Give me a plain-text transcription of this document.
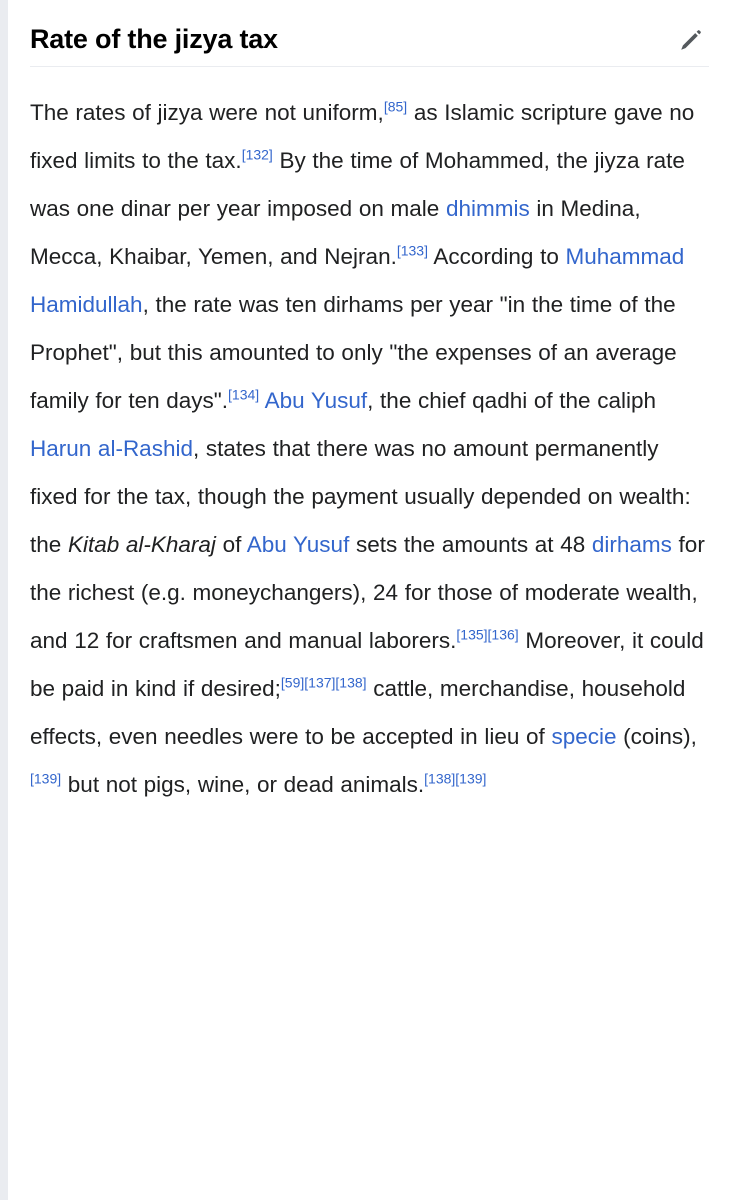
Rate of the jizya tax

The rates of jizya were not uniform,[85] as Islamic scripture gave no fixed limits to the tax.[132] By the time of Mohammed, the jiyza rate was one dinar per year imposed on male dhimmis in Medina, Mecca, Khaibar, Yemen, and Nejran.[133] According to Muhammad Hamidullah, the rate was ten dirhams per year "in the time of the Prophet", but this amounted to only "the expenses of an average family for ten days".[134] Abu Yusuf, the chief qadhi of the caliph Harun al-Rashid, states that there was no amount permanently fixed for the tax, though the payment usually depended on wealth: the Kitab al-Kharaj of Abu Yusuf sets the amounts at 48 dirhams for the richest (e.g. moneychangers), 24 for those of moderate wealth, and 12 for craftsmen and manual laborers.[135][136] Moreover, it could be paid in kind if desired;[59][137][138] cattle, merchandise, household effects, even needles were to be accepted in lieu of specie (coins),[139] but not pigs, wine, or dead animals.[138][139]
